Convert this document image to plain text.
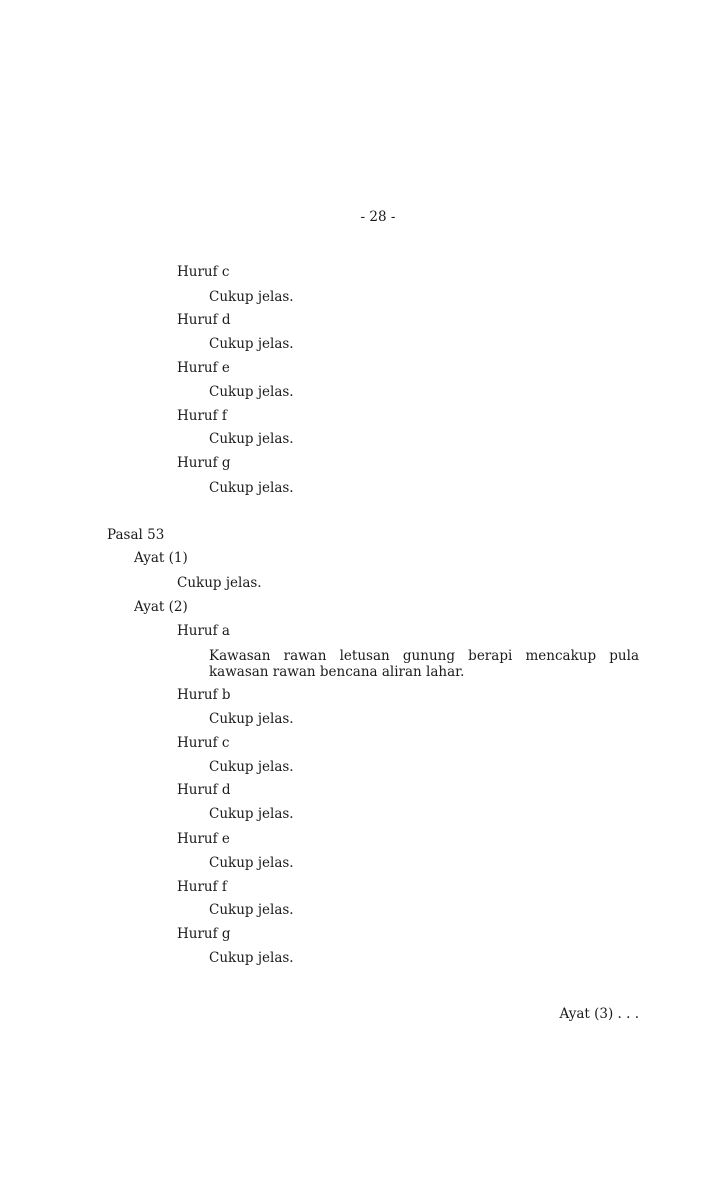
- 28 -
Huruf c
Cukup jelas.
Huruf d
Cukup jelas.
Huruf e
Cukup jelas.
Huruf f
Cukup jelas.
Huruf g
Cukup jelas.
Pasal 53
Ayat (1)
Cukup jelas.
Ayat (2)
Huruf a
Kawasan rawan letusan gunung berapi mencakup pula kawasan rawan bencana aliran lahar.
Huruf b
Cukup jelas.
Huruf c
Cukup jelas.
Huruf d
Cukup jelas.
Huruf e
Cukup jelas.
Huruf f
Cukup jelas.
Huruf g
Cukup jelas.
Ayat (3) . . .
